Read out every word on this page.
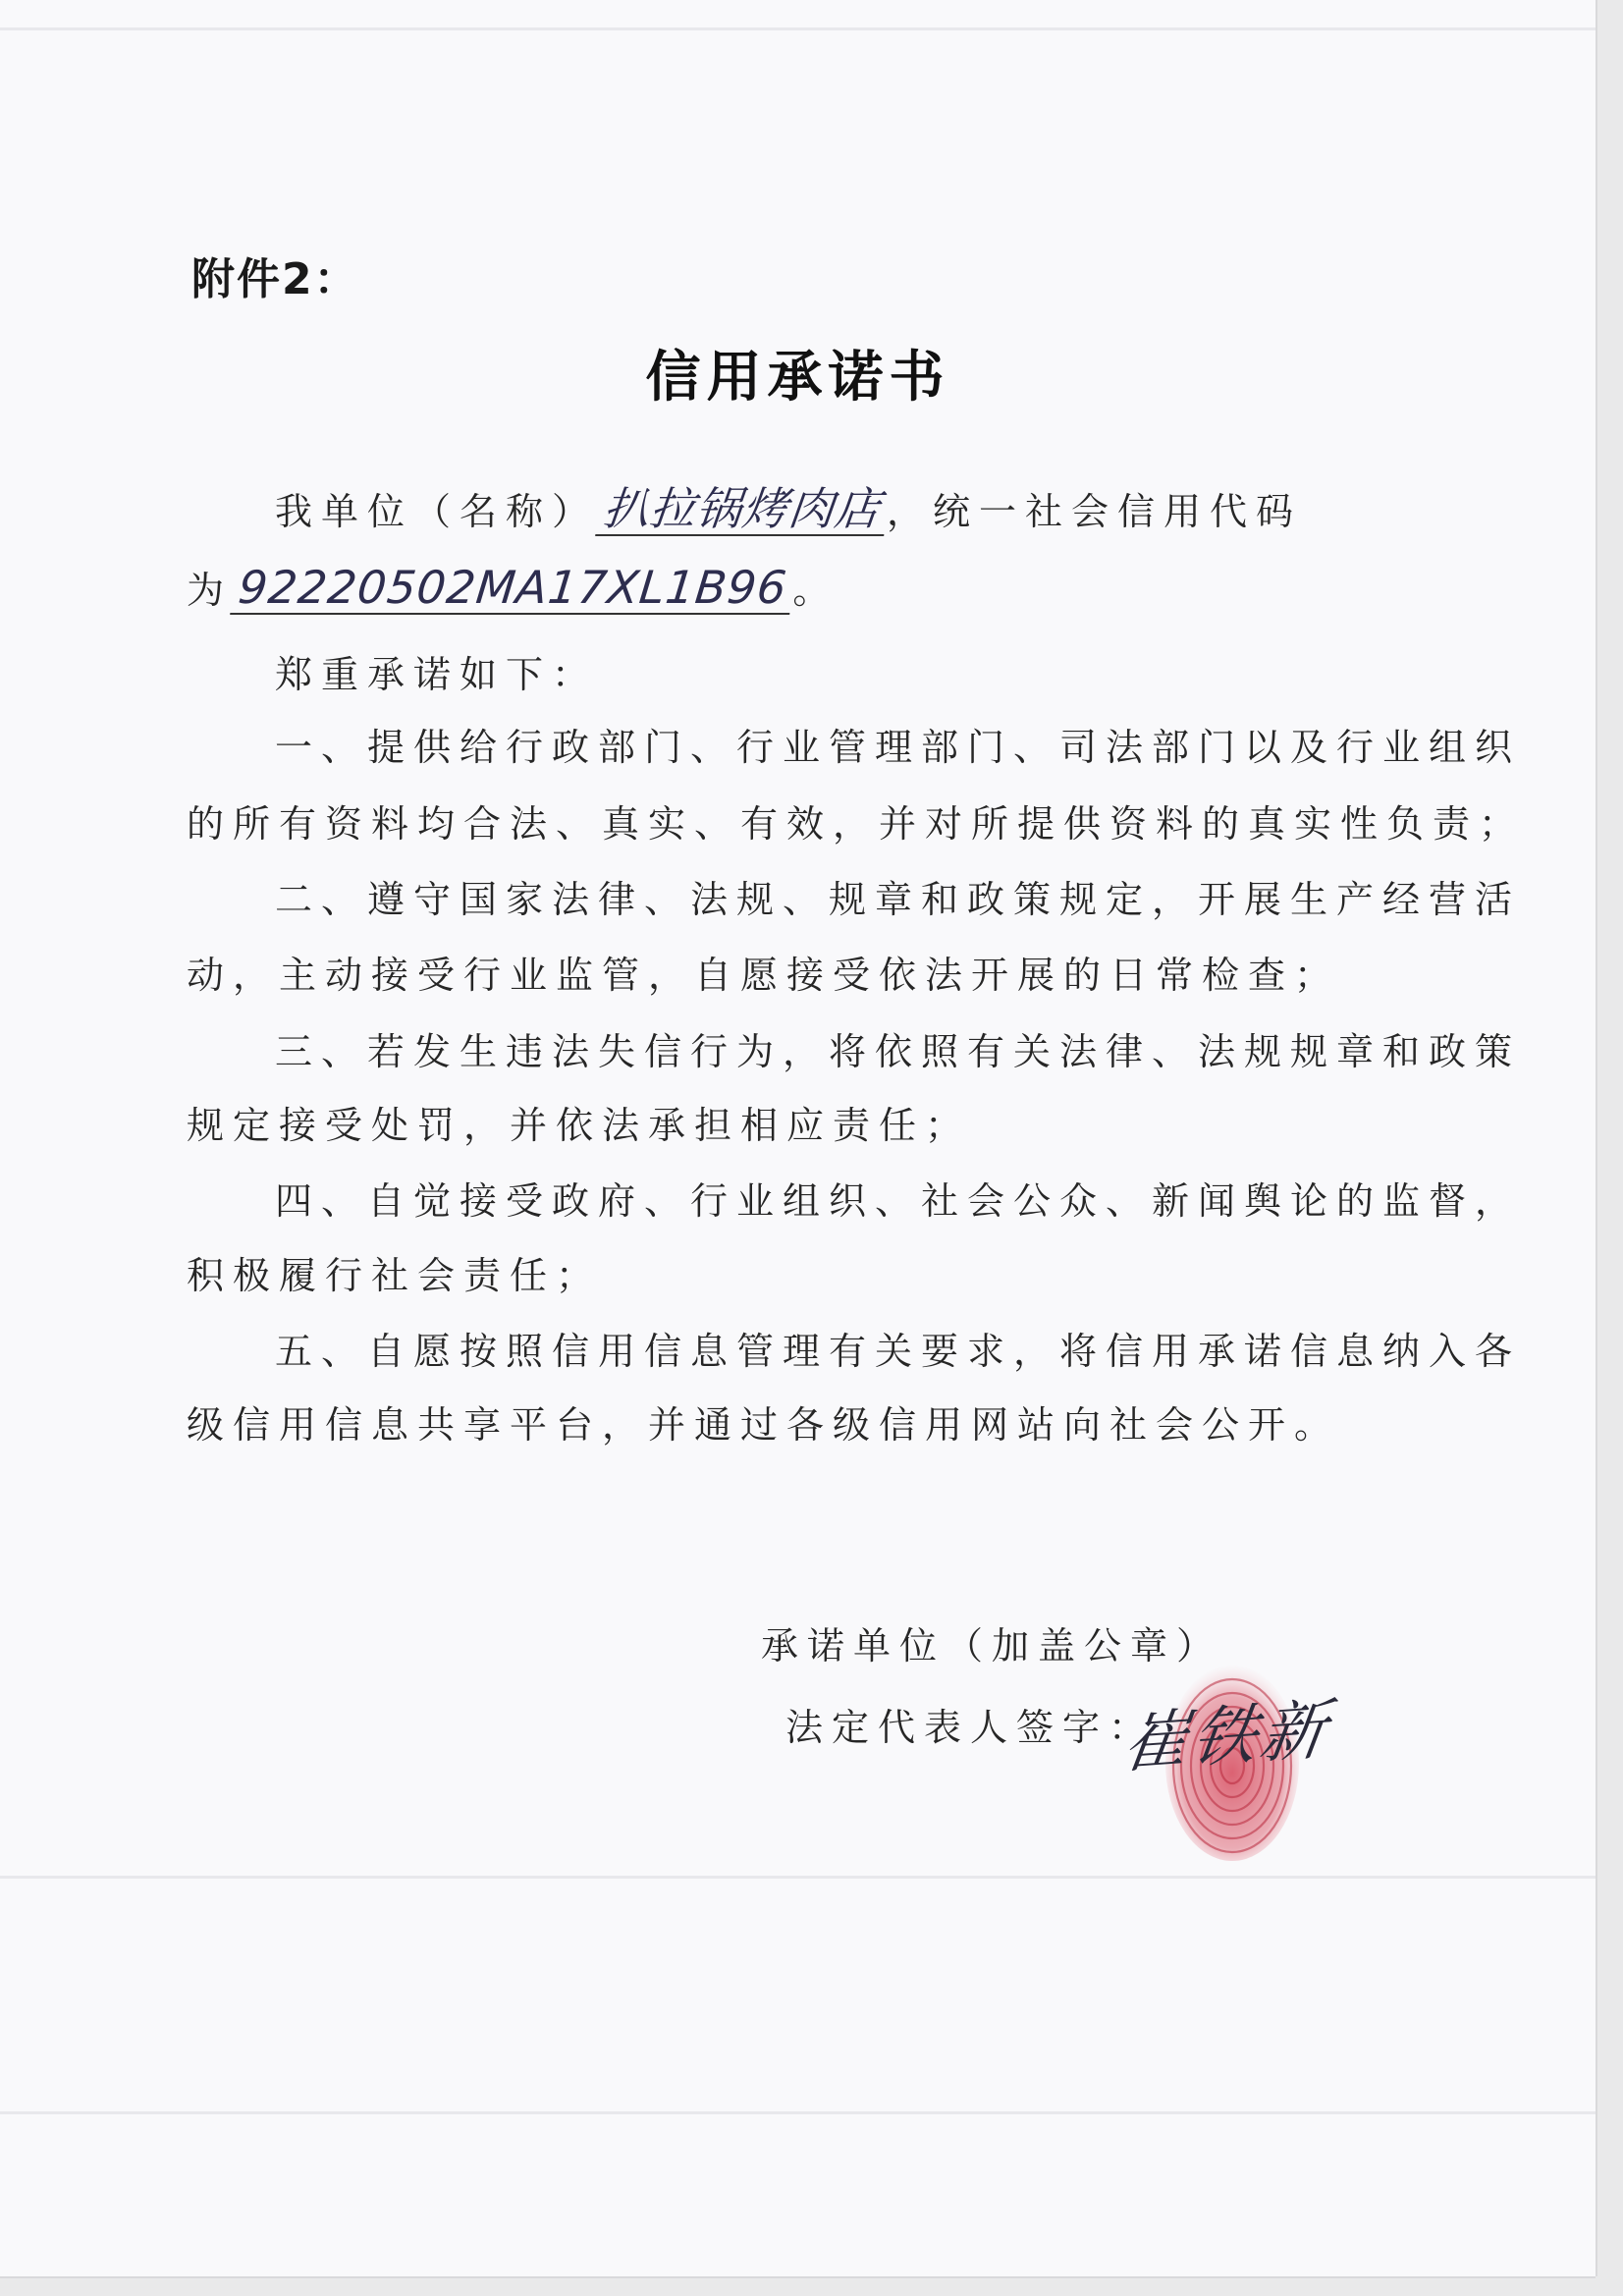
附件2：
信用承诺书
我单位（名称）扒拉锅烤肉店，统一社会信用代码
为92220502MA17XL1B96。
郑重承诺如下：
一、提供给行政部门、行业管理部门、司法部门以及行业组织
的所有资料均合法、真实、有效，并对所提供资料的真实性负责；
二、遵守国家法律、法规、规章和政策规定，开展生产经营活
动，主动接受行业监管，自愿接受依法开展的日常检查；
三、若发生违法失信行为，将依照有关法律、法规规章和政策
规定接受处罚，并依法承担相应责任；
四、自觉接受政府、行业组织、社会公众、新闻舆论的监督，
积极履行社会责任；
五、自愿按照信用信息管理有关要求，将信用承诺信息纳入各
级信用信息共享平台，并通过各级信用网站向社会公开。
承诺单位（加盖公章）
法定代表人签字：
崔铁新
